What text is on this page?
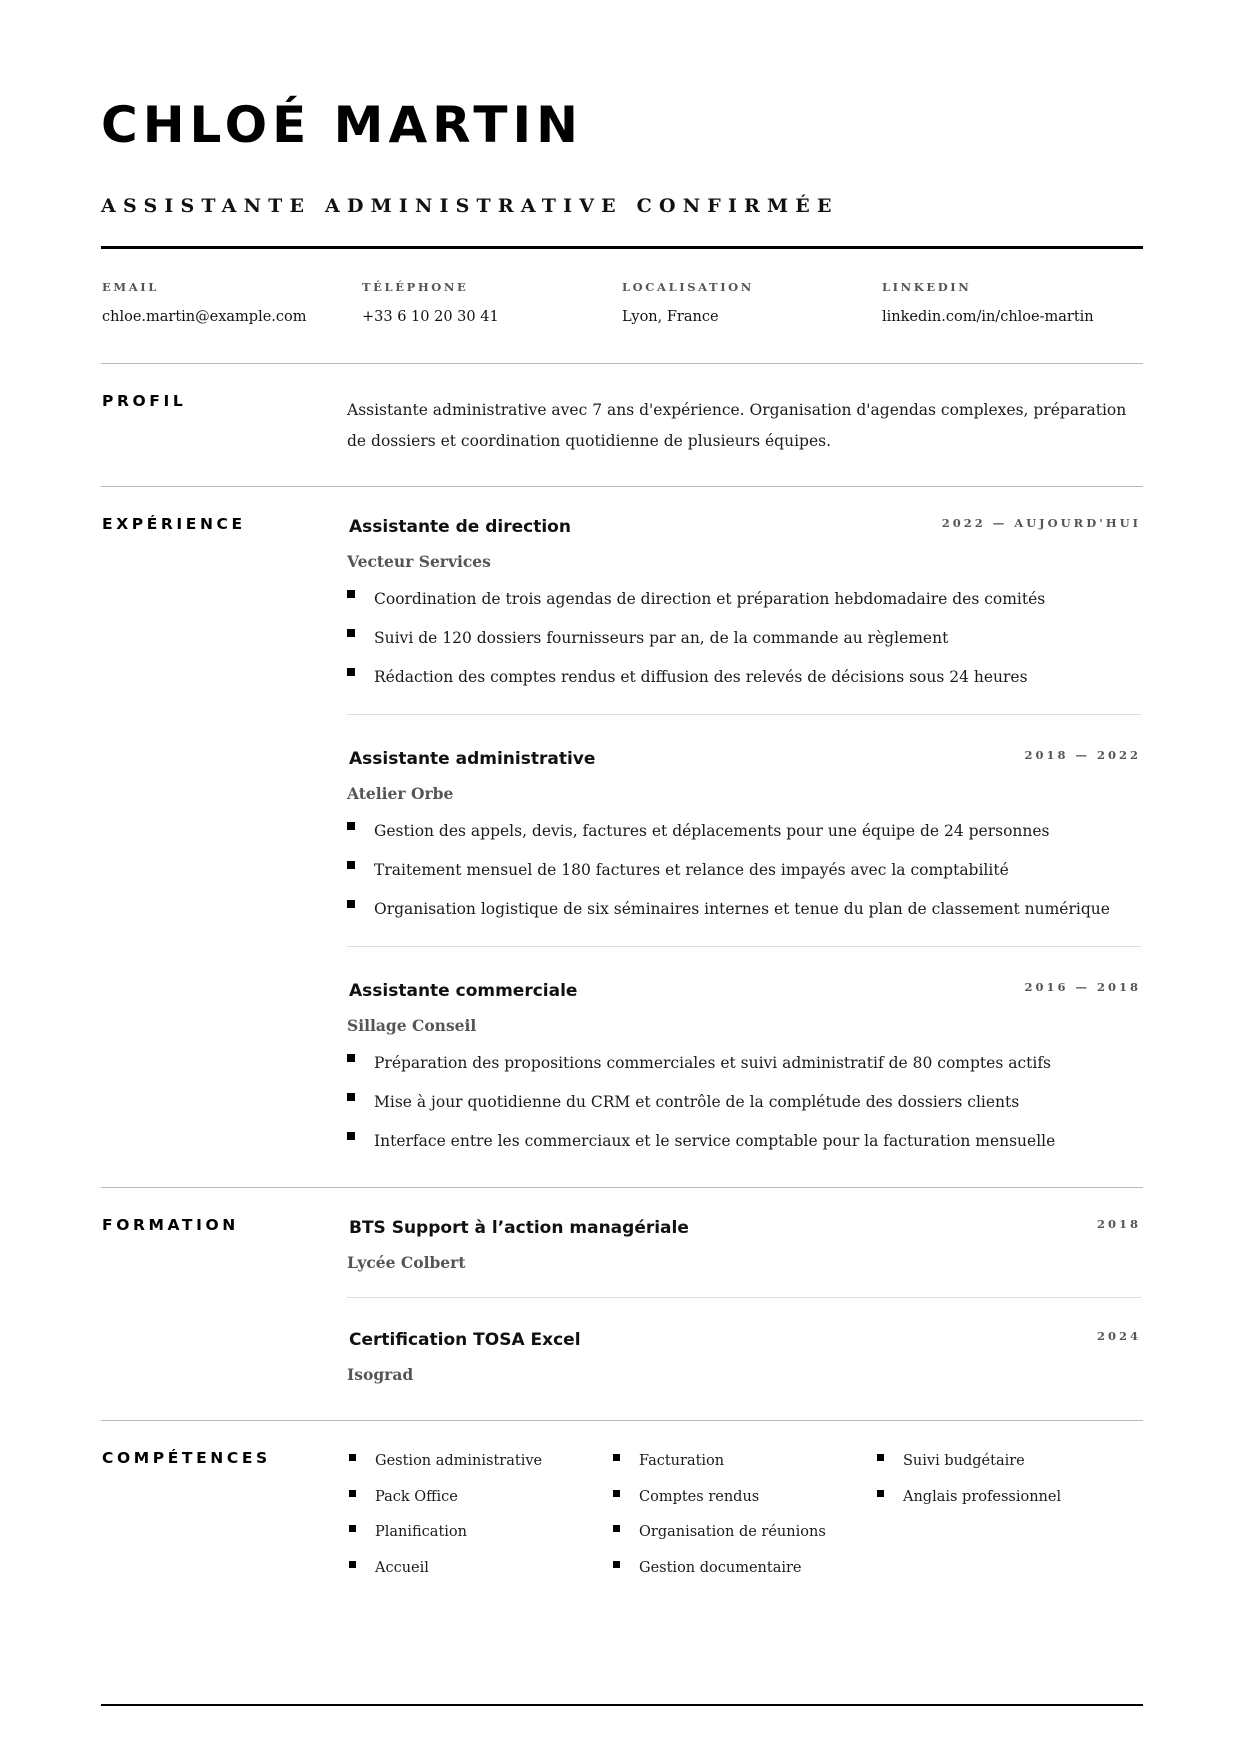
CHLOÉ MARTIN
ASSISTANTE ADMINISTRATIVE CONFIRMÉE
EMAIL
chloe.martin@example.com
TÉLÉPHONE
+33 6 10 20 30 41
LOCALISATION
Lyon, France
LINKEDIN
linkedin.com/in/chloe-martin
PROFIL	Assistante administrative avec 7 ans d'expérience. Organisation d'agendas complexes, préparation de dossiers et coordination quotidienne de plusieurs équipes.

EXPÉRIENCE	Assistante de direction	2022 — AUJOURD'HUI
Vecteur Services
Coordination de trois agendas de direction et préparation hebdomadaire des comités
Suivi de 120 dossiers fournisseurs par an, de la commande au règlement
Rédaction des comptes rendus et diffusion des relevés de décisions sous 24 heures
Assistante administrative	2018 — 2022
Atelier Orbe
Gestion des appels, devis, factures et déplacements pour une équipe de 24 personnes
Traitement mensuel de 180 factures et relance des impayés avec la comptabilité
Organisation logistique de six séminaires internes et tenue du plan de classement numérique
Assistante commerciale	2016 — 2018
Sillage Conseil
Préparation des propositions commerciales et suivi administratif de 80 comptes actifs
Mise à jour quotidienne du CRM et contrôle de la complétude des dossiers clients
Interface entre les commerciaux et le service comptable pour la facturation mensuelle
FORMATION	BTS Support à l’action managériale	2018
Lycée Colbert
Certification TOSA Excel	2024
Isograd
COMPÉTENCES	Gestion administrative
Pack Office
Planification
Accueil
Facturation
Comptes rendus
Organisation de réunions
Gestion documentaire
Suivi budgétaire
Anglais professionnel
